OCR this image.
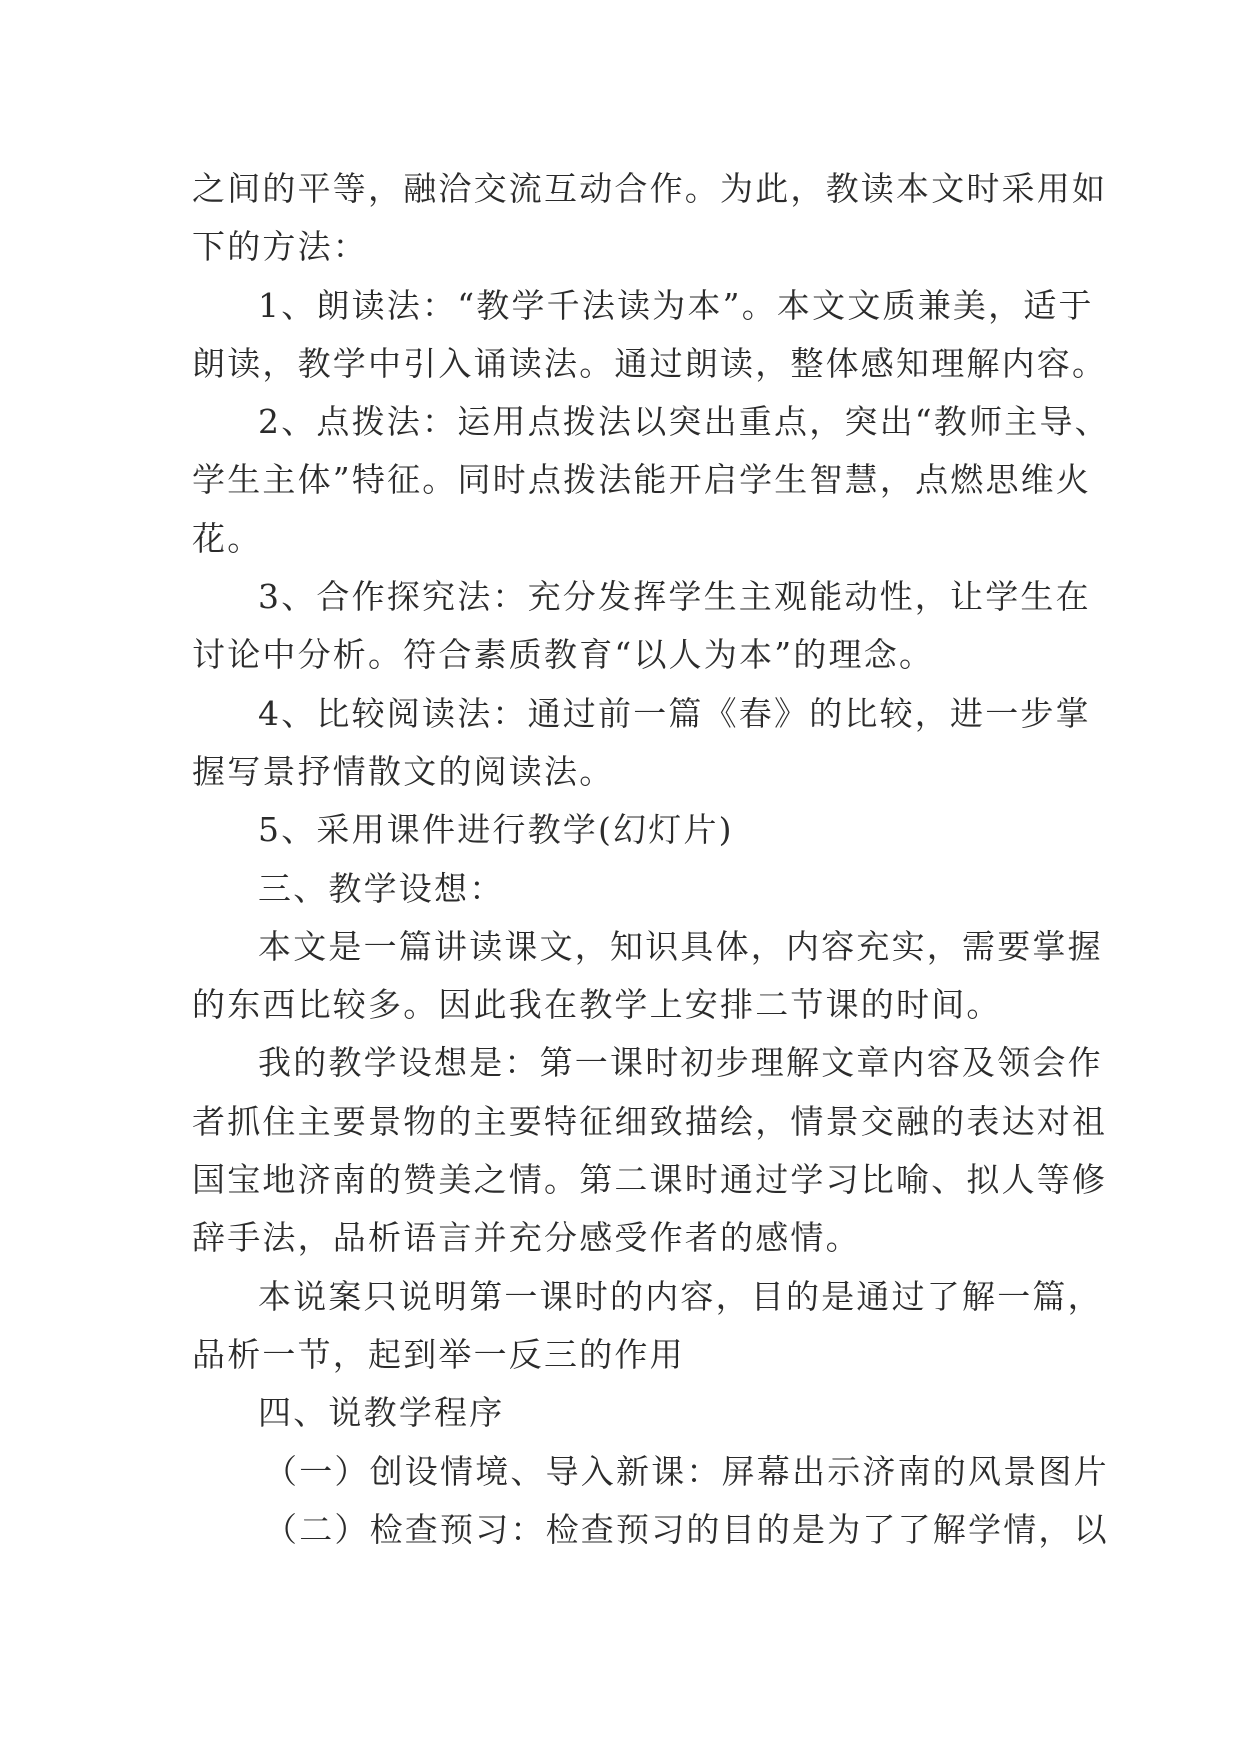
之间的平等，融洽交流互动合作。为此，教读本文时采用如
下的方法：
1、朗读法：“教学千法读为本”。本文文质兼美，适于
朗读，教学中引入诵读法。通过朗读，整体感知理解内容。
2、点拨法：运用点拨法以突出重点，突出“教师主导、
学生主体”特征。同时点拨法能开启学生智慧，点燃思维火
花。
3、合作探究法：充分发挥学生主观能动性，让学生在
讨论中分析。符合素质教育“以人为本”的理念。
4、比较阅读法：通过前一篇《春》的比较，进一步掌
握写景抒情散文的阅读法。
5、采用课件进行教学(幻灯片)
三、教学设想：
本文是一篇讲读课文，知识具体，内容充实，需要掌握
的东西比较多。因此我在教学上安排二节课的时间。
我的教学设想是：第一课时初步理解文章内容及领会作
者抓住主要景物的主要特征细致描绘，情景交融的表达对祖
国宝地济南的赞美之情。第二课时通过学习比喻、拟人等修
辞手法，品析语言并充分感受作者的感情。
本说案只说明第一课时的内容，目的是通过了解一篇，
品析一节，起到举一反三的作用
四、说教学程序
（一）创设情境、导入新课：屏幕出示济南的风景图片
（二）检查预习：检查预习的目的是为了了解学情，以
